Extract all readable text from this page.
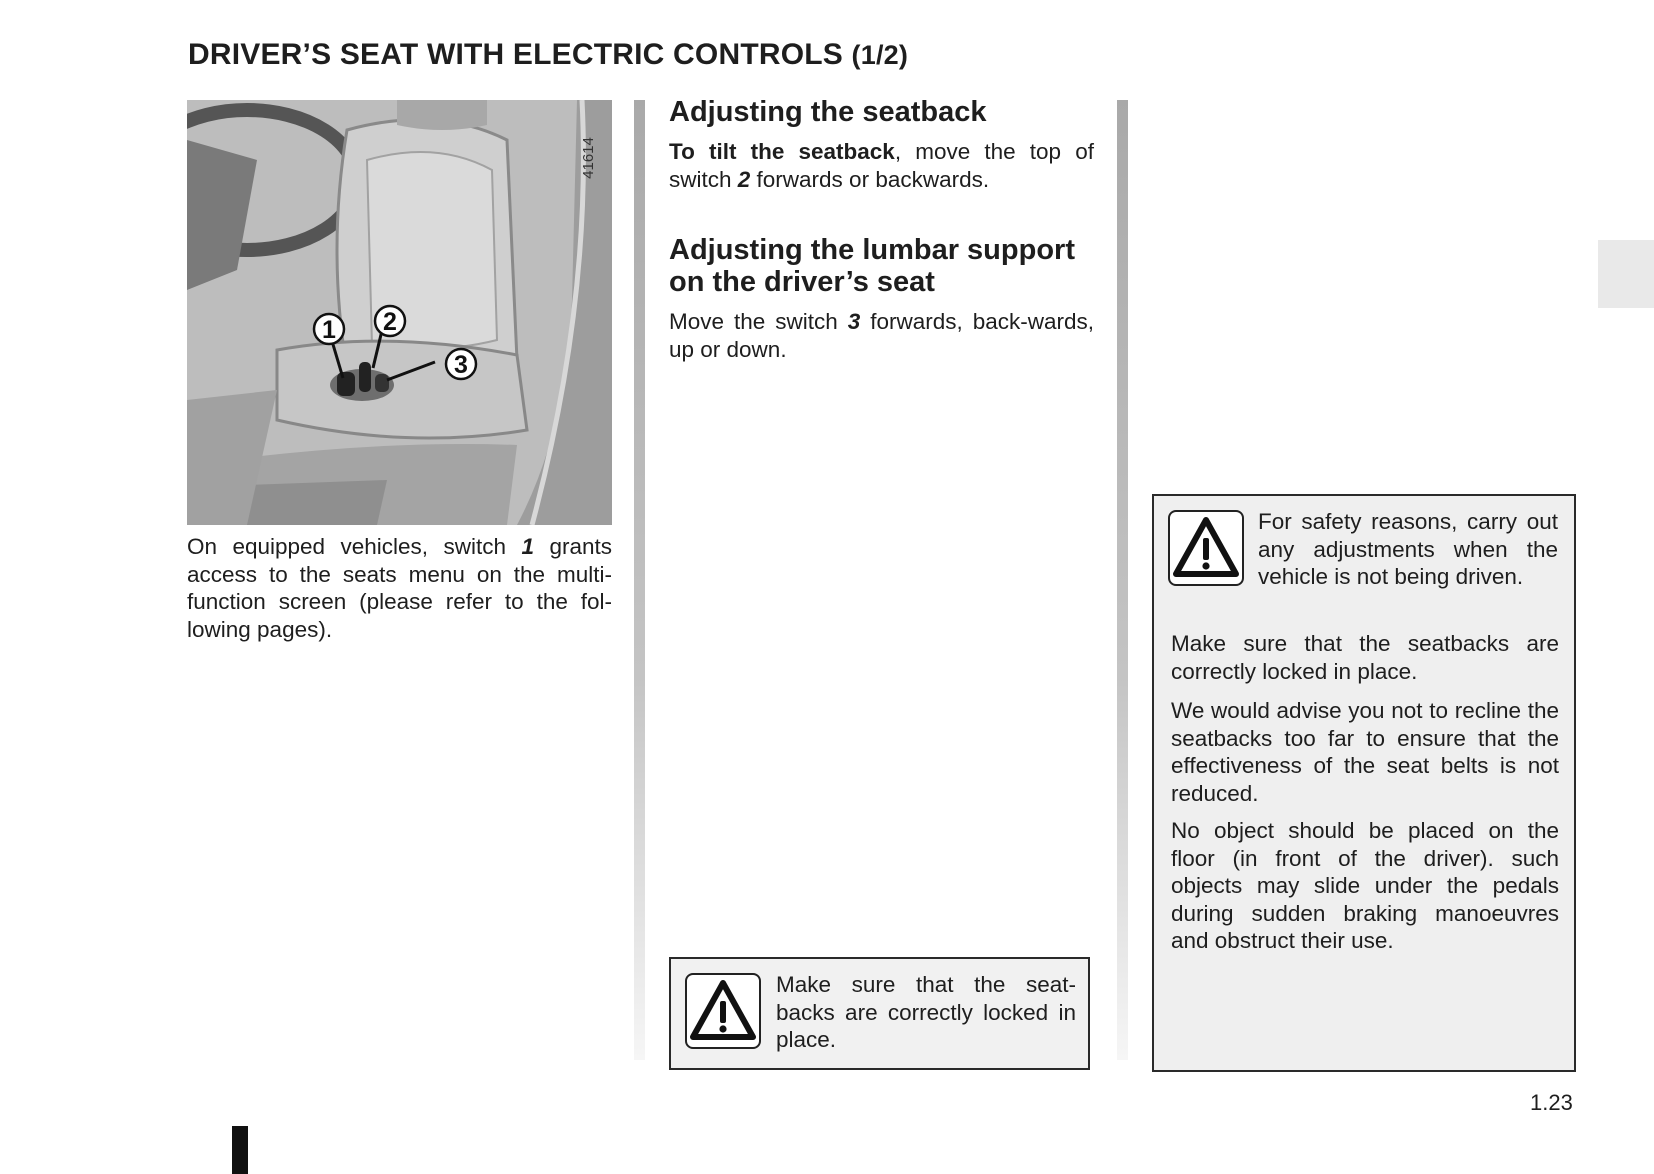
DRIVER’S SEAT WITH ELECTRIC CONTROLS (1/2)
1 2
3
41614

On equipped vehicles, switch 1 grants access to the seats menu on the multi-function screen (please refer to the fol-lowing pages).

Adjusting the seatback

To tilt the seatback, move the top of switch 2 forwards or backwards.

Adjusting the lumbar support on the driver’s seat

Move the switch 3 forwards, back-wards, up or down.

Make sure that the seat-backs are correctly locked in place.

For safety reasons, carry out any adjustments when the vehicle is not being driven.

Make sure that the seatbacks are correctly locked in place.

We would advise you not to recline the seatbacks too far to ensure that the effectiveness of the seat belts is not reduced.

No object should be placed on the floor (in front of the driver). such objects may slide under the pedals during sudden braking manoeuvres and obstruct their use.

1.23
